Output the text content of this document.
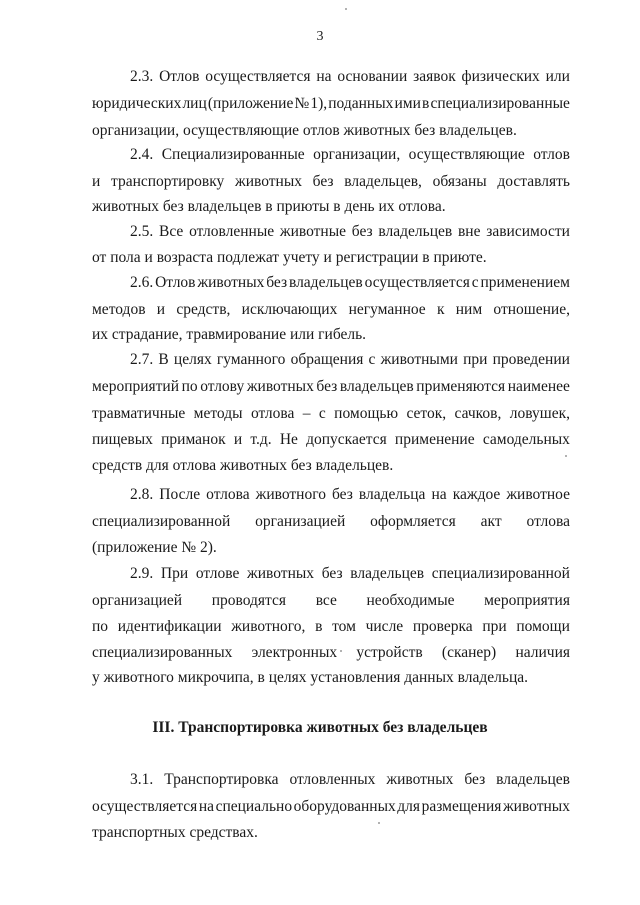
3
2.3. Отлов осуществляется на основании заявок физических или
юридических лиц (приложение № 1), поданных ими в специализированные
организации, осуществляющие отлов животных без владельцев.
2.4. Специализированные организации, осуществляющие отлов
и транспортировку животных без владельцев, обязаны доставлять
животных без владельцев в приюты в день их отлова.
2.5. Все отловленные животные без владельцев вне зависимости
от пола и возраста подлежат учету и регистрации в приюте.
2.6. Отлов животных без владельцев осуществляется с применением
методов и средств, исключающих негуманное к ним отношение,
их страдание, травмирование или гибель.
2.7. В целях гуманного обращения с животными при проведении
мероприятий по отлову животных без владельцев применяются наименее
травматичные методы отлова – с помощью сеток, сачков, ловушек,
пищевых приманок и т.д. Не допускается применение самодельных
средств для отлова животных без владельцев.
2.8. После отлова животного без владельца на каждое животное
специализированной организацией оформляется акт отлова
(приложение № 2).
2.9. При отлове животных без владельцев специализированной
организацией проводятся все необходимые мероприятия
по идентификации животного, в том числе проверка при помощи
специализированных электронных устройств (сканер) наличия
у животного микрочипа, в целях установления данных владельца.
III. Транспортировка животных без владельцев
3.1. Транспортировка отловленных животных без владельцев
осуществляется на специально оборудованных для размещения животных
транспортных средствах.
